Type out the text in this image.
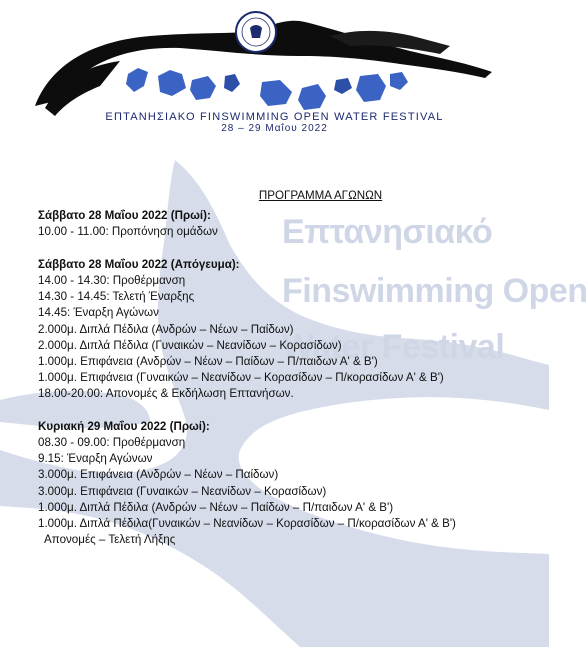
Επτανησιακό
Finswimming Open
Water Festival
ΕΠΤΑΝΗΣΙΑΚΟ FINSWIMMING OPEN WATER FESTIVAL
28 – 29 Μαΐου 2022
ΠΡΟΓΡΑΜΜΑ ΑΓΩΝΩΝ
Σάββατο 28 Μαΐου 2022 (Πρωί):
10.00 - 11.00: Προπόνηση ομάδων
Σάββατο 28 Μαΐου 2022 (Απόγευμα):
14.00 - 14.30: Προθέρμανση
14.30 - 14.45: Τελετή Έναρξης
14.45: Έναρξη Αγώνων
2.000μ. Διπλά Πέδιλα (Ανδρών – Νέων – Παίδων)
2.000μ. Διπλά Πέδιλα (Γυναικών – Νεανίδων – Κορασίδων)
1.000μ. Επιφάνεια (Ανδρών – Νέων – Παίδων – Π/παιδων Α' & Β')
1.000μ. Επιφάνεια (Γυναικών – Νεανίδων – Κορασίδων – Π/κορασίδων Α' & Β')
18.00-20.00: Απονομές & Εκδήλωση Επτανήσων.
Κυριακή 29 Μαΐου 2022 (Πρωί):
08.30 - 09.00: Προθέρμανση
9.15: Έναρξη Αγώνων
3.000μ. Επιφάνεια (Ανδρών – Νέων – Παίδων)
3.000μ. Επιφάνεια (Γυναικών – Νεανίδων – Κορασίδων)
1.000μ. Διπλά Πέδιλα (Ανδρών – Νέων – Παίδων – Π/παιδων Α' & Β')
1.000μ. Διπλά Πέδιλα(Γυναικών – Νεανίδων – Κορασίδων – Π/κορασίδων Α' & Β')
Απονομές – Τελετή Λήξης
